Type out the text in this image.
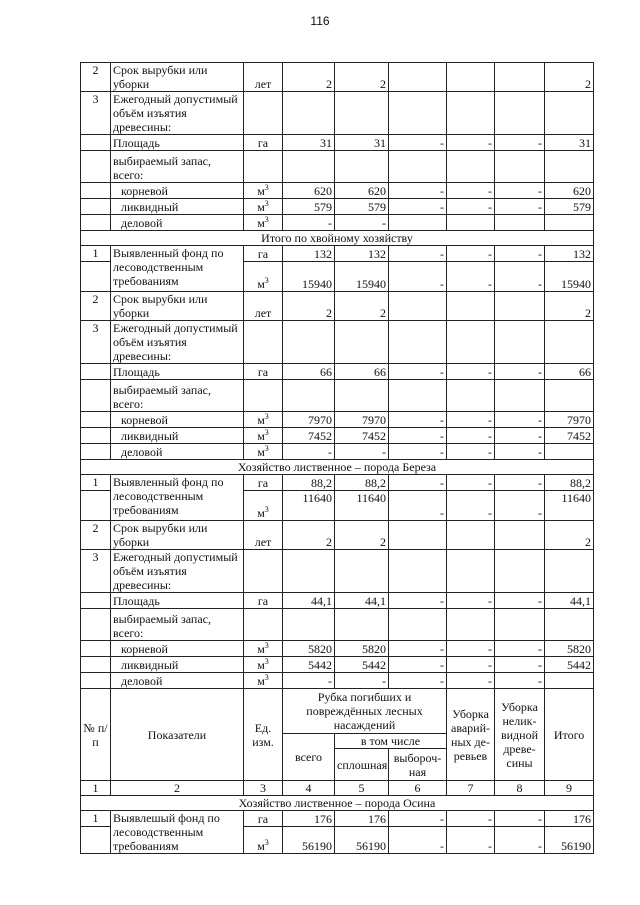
116
2	Срок вырубки или уборки	лет	2	2				2
3	Ежегодный допустимый объём изъятия древесины:							
	Площадь	га	31	31	-	-	-	31
	выбираемый запас, всего:							
	корневой	$м^3$	620	620	-	-	-	620
	ликвидный	$м^3$	579	579	-	-	-	579
	деловой	$м^3$	-	-				
Итого по хвойному хозяйству								
1	Выявленный фонд по лесоводственным требованиям	га	132	132	-	-	-	132
		$м^3$	15940	15940	-	-	-	15940
2	Срок вырубки или уборки	лет	2	2				2
3	Ежегодный допустимый объём изъятия древесины:							
	Площадь	га	66	66	-	-	-	66
	выбираемый запас, всего:							
	корневой	$м^3$	7970	7970	-	-	-	7970
	ликвидный	$м^3$	7452	7452	-	-	-	7452
	деловой	$м^3$	-	-	-	-	-	
Хозяйство лиственное – порода Береза								
1	Выявленный фонд по лесоводственным требованиям	га	88,2	88,2	-	-	-	88,2
		$м^3$	11640	11640	-	-	-	11640
2	Срок вырубки или уборки	лет	2	2				2
3	Ежегодный допустимый объём изъятия древесины:							
	Площадь	га	44,1	44,1	-	-	-	44,1
	выбираемый запас, всего:							
	корневой	$м^3$	5820	5820	-	-	-	5820
	ликвидный	$м^3$	5442	5442	-	-	-	5442
	деловой	$м^3$	-	-	-	-	-	
№ п/п	Показатели	Ед. изм.	Рубка погибших и повреждённых лесных насаждений			Уборка аварий-ных де-ревьев	Уборка нелик-видной древе-сины	Итого
			всего	в том числе				
				сплошная	выбороч-ная			
1	2	3	4	5	6	7	8	9
Хозяйство лиственное – порода Осина								
1	Выявлешый фонд по лесоводственным требованиям	га	176	176	-	-	-	176
		$м^3$	56190	56190	-	-	-	56190
